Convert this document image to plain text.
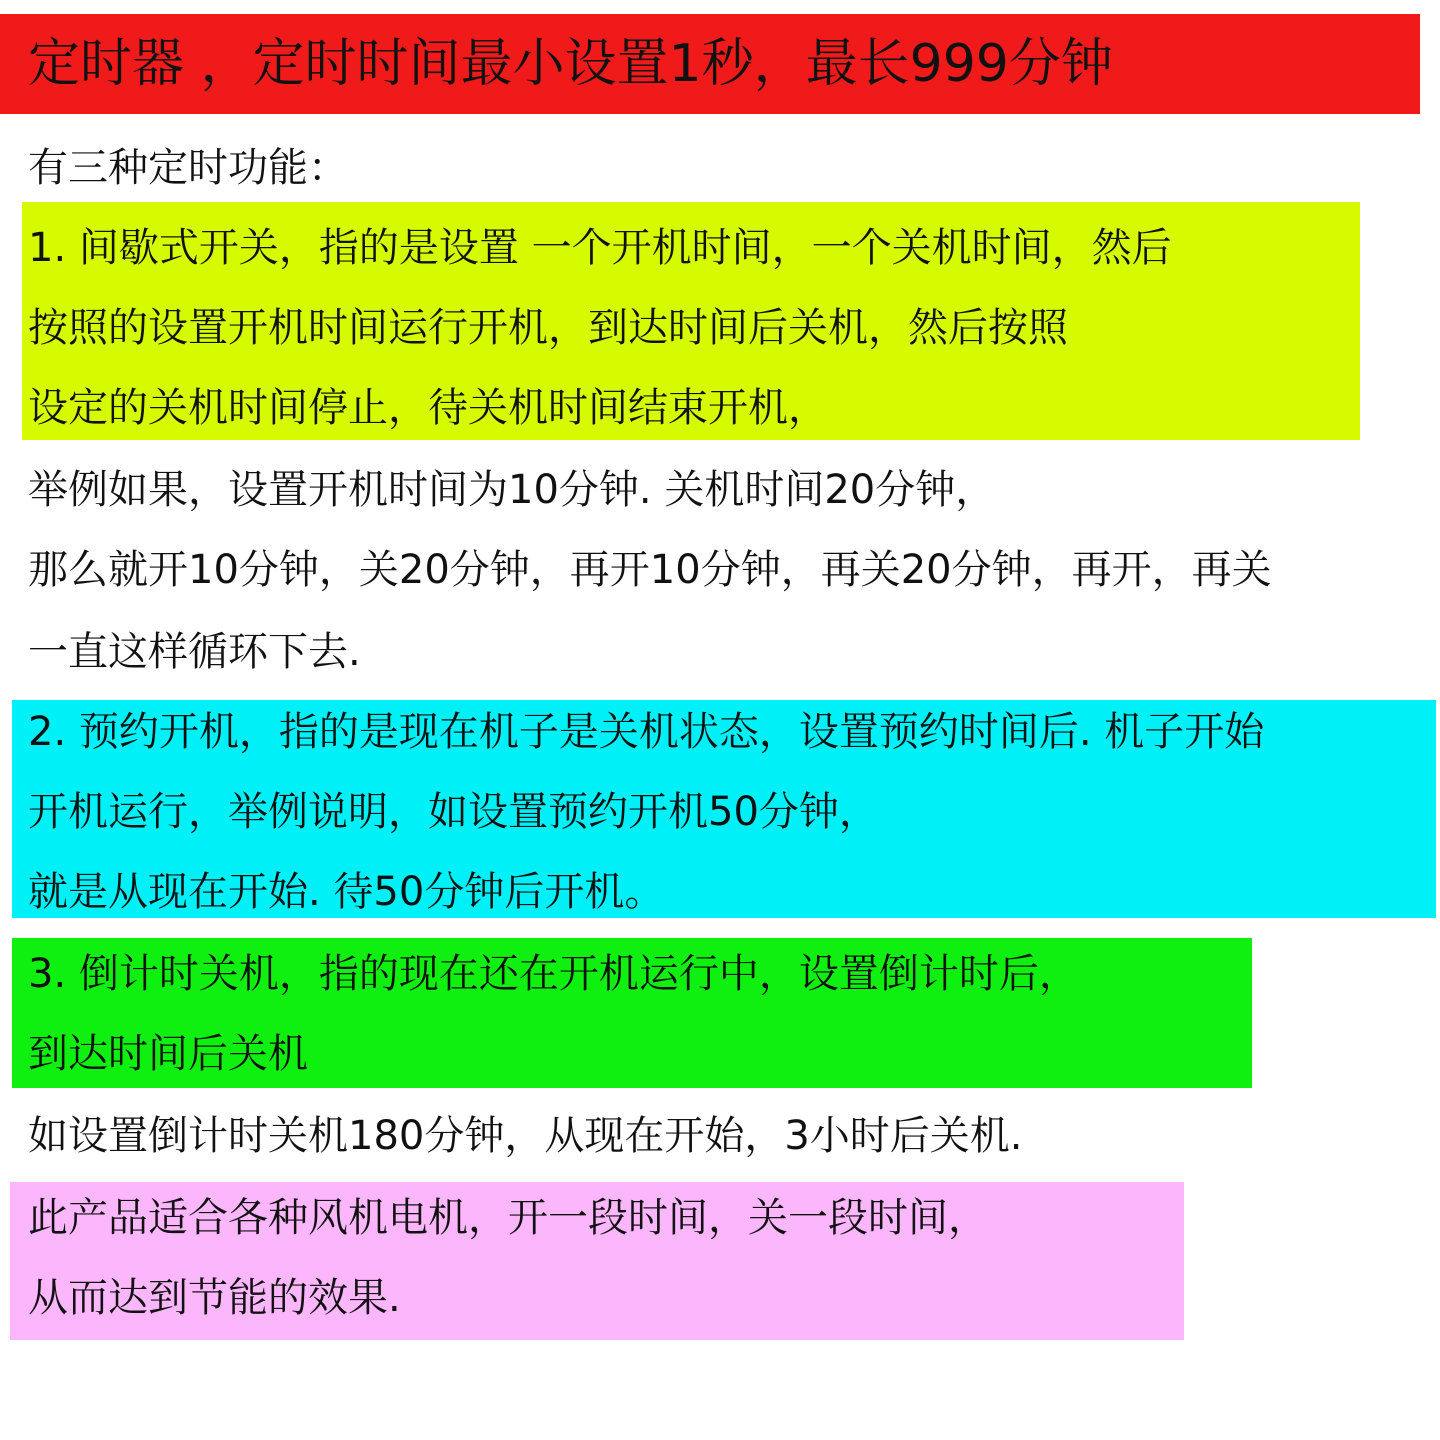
定时器 ，定时时间最小设置1秒，最长999分钟
有三种定时功能：
1. 间歇式开关，指的是设置 一个开机时间，一个关机时间，然后
按照的设置开机时间运行开机，到达时间后关机，然后按照
设定的关机时间停止，待关机时间结束开机，
举例如果，设置开机时间为10分钟. 关机时间20分钟，
那么就开10分钟，关20分钟，再开10分钟，再关20分钟，再开，再关
一直这样循环下去.
2. 预约开机，指的是现在机子是关机状态，设置预约时间后. 机子开始
开机运行，举例说明，如设置预约开机50分钟，
就是从现在开始. 待50分钟后开机。
3. 倒计时关机，指的现在还在开机运行中，设置倒计时后，
到达时间后关机
如设置倒计时关机180分钟，从现在开始，3小时后关机.
此产品适合各种风机电机，开一段时间，关一段时间，
从而达到节能的效果.
